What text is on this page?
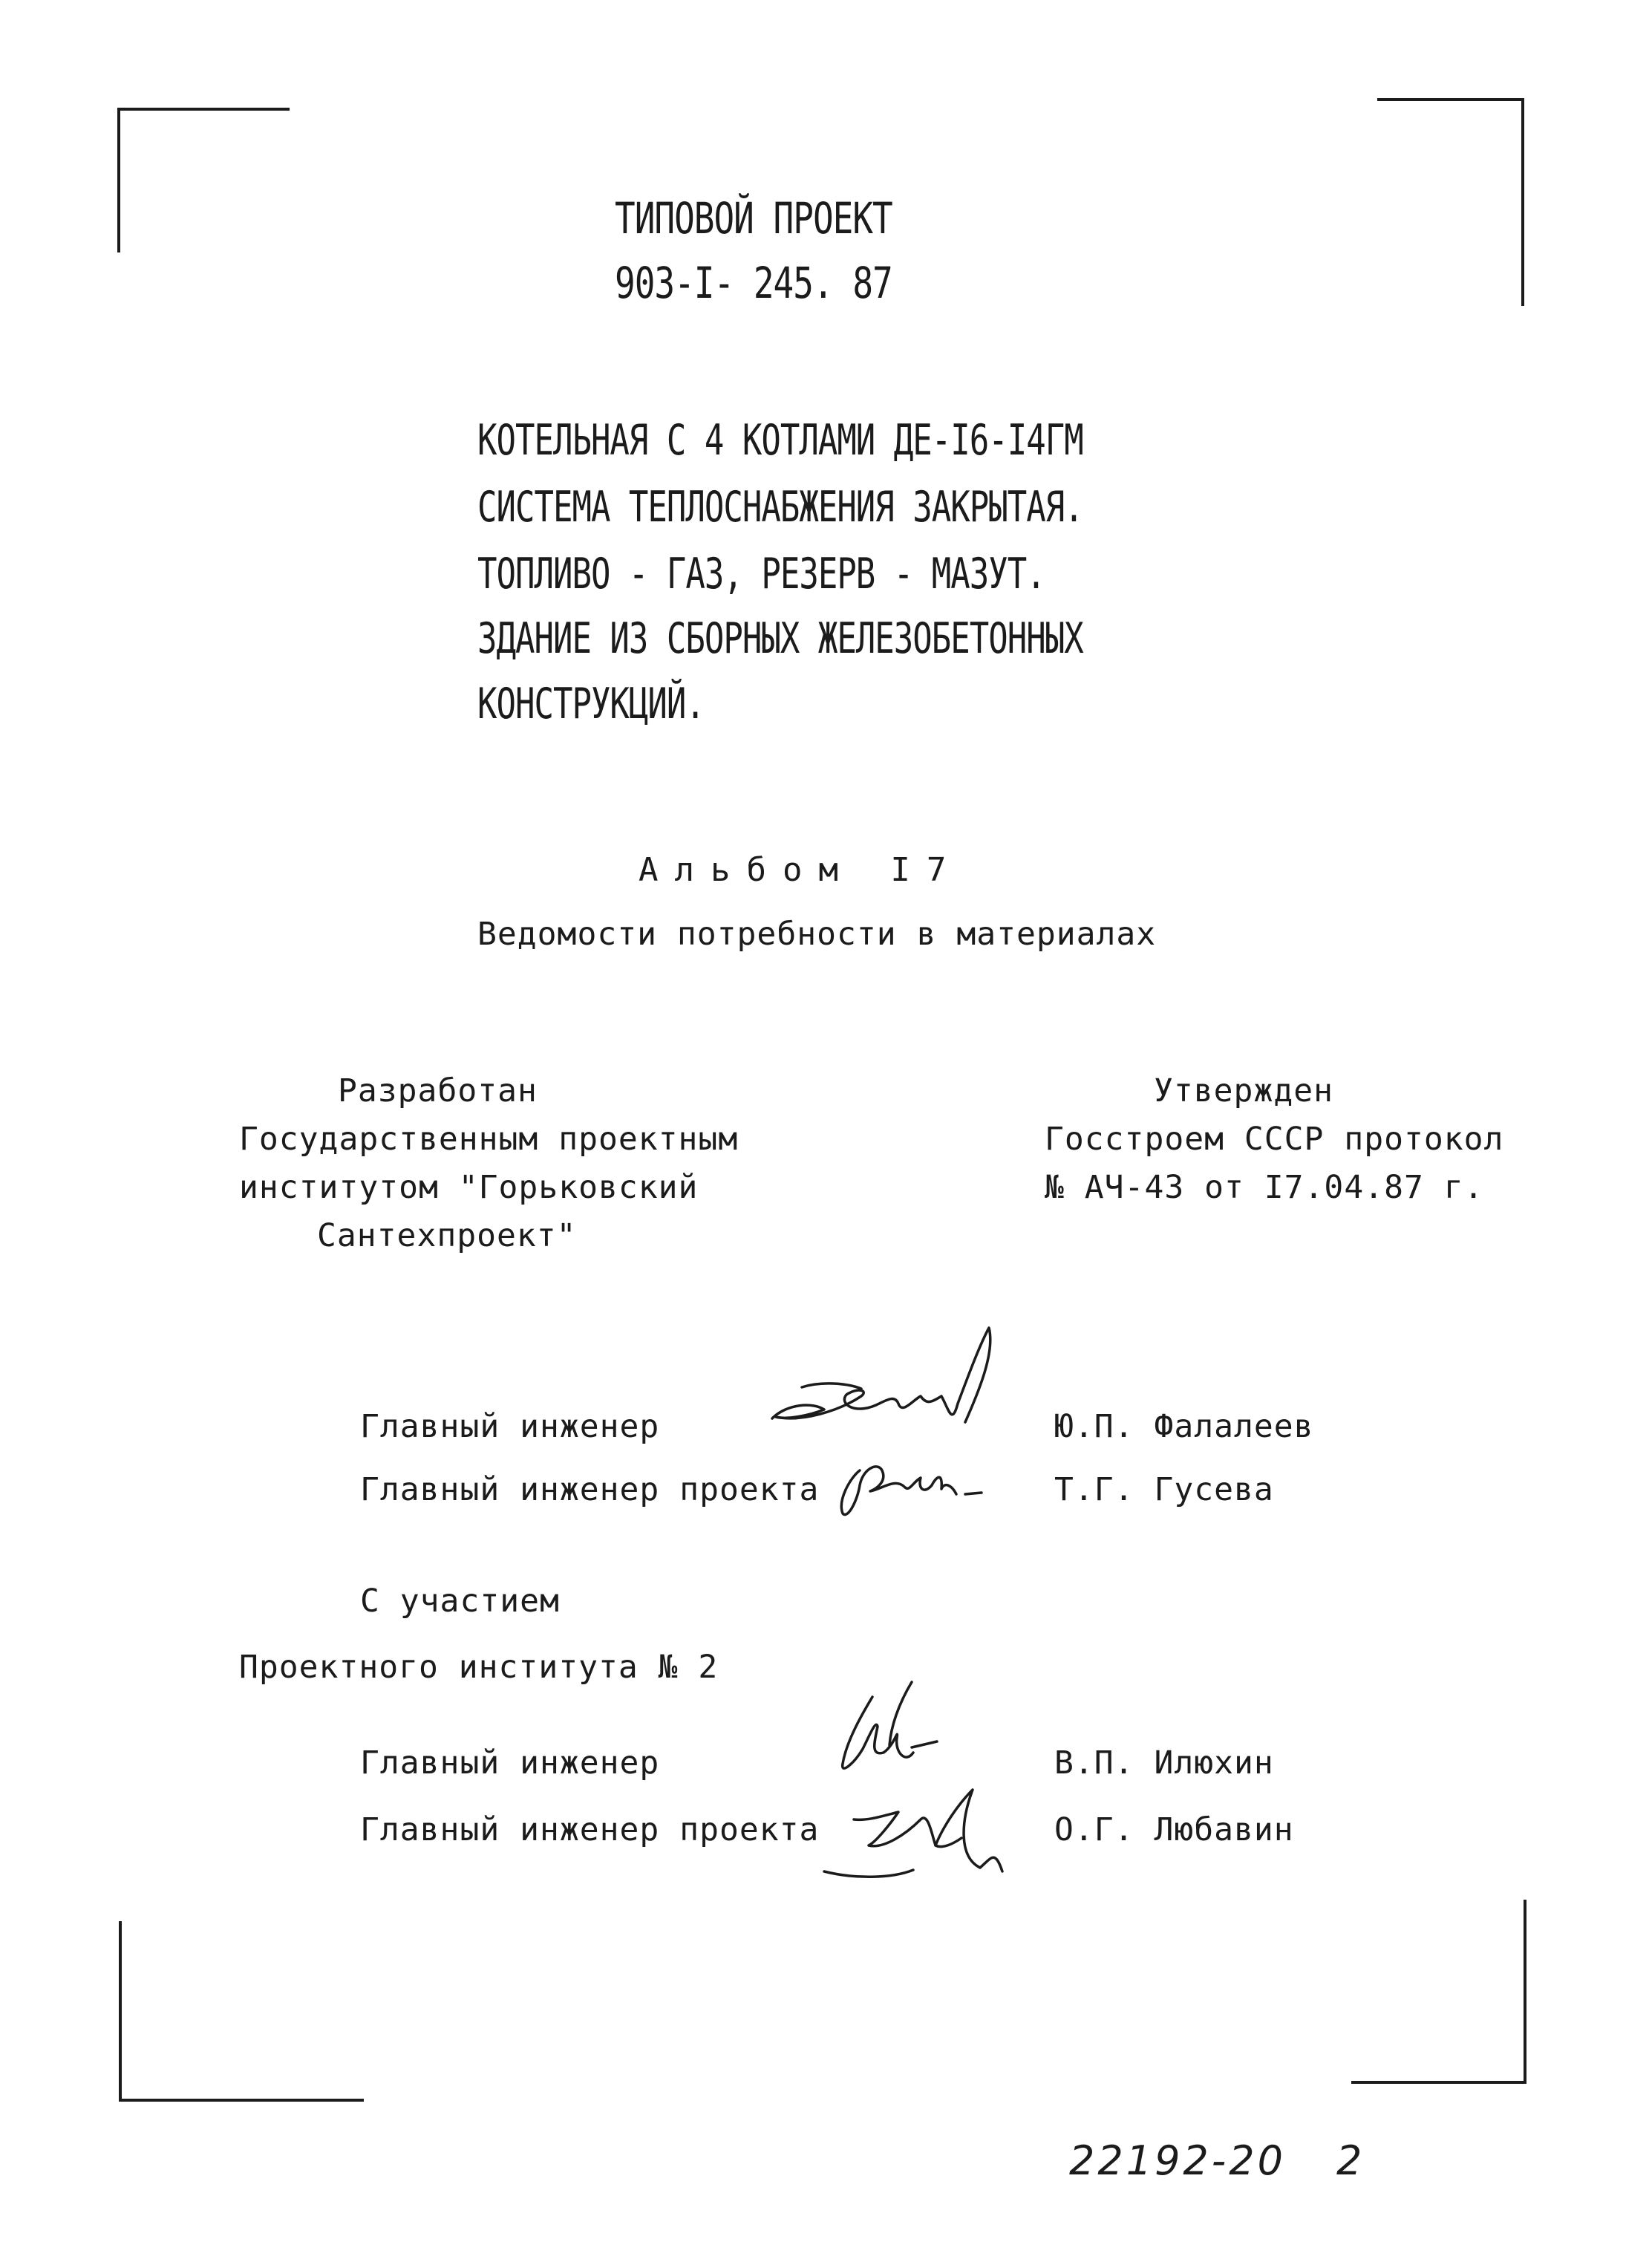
ТИПОВОЙ ПРОЕКТ
903-I- 245. 87
КОТЕЛЬНАЯ С 4 КОТЛАМИ ДЕ-I6-I4ГМ
СИСТЕМА ТЕПЛОСНАБЖЕНИЯ ЗАКРЫТАЯ.
ТОПЛИВО - ГАЗ, РЕЗЕРВ - МАЗУТ.
ЗДАНИЕ ИЗ СБОРНЫХ ЖЕЛЕЗОБЕТОННЫХ
КОНСТРУКЦИЙ.
Альбом I7
Ведомости потребности в материалах
Разработан
Государственным проектным
институтом "Горьковский
Сантехпроект"
Утвержден
Госстроем СССР протокол
№ АЧ-43 от I7.04.87 г.
Главный инженер	Ю.П. Фалалеев
Главный инженер проекта	Т.Г. Гусева
С участием
Проектного института № 2
Главный инженер	В.П. Илюхин
Главный инженер проекта	О.Г. Любавин
22192-20 2
